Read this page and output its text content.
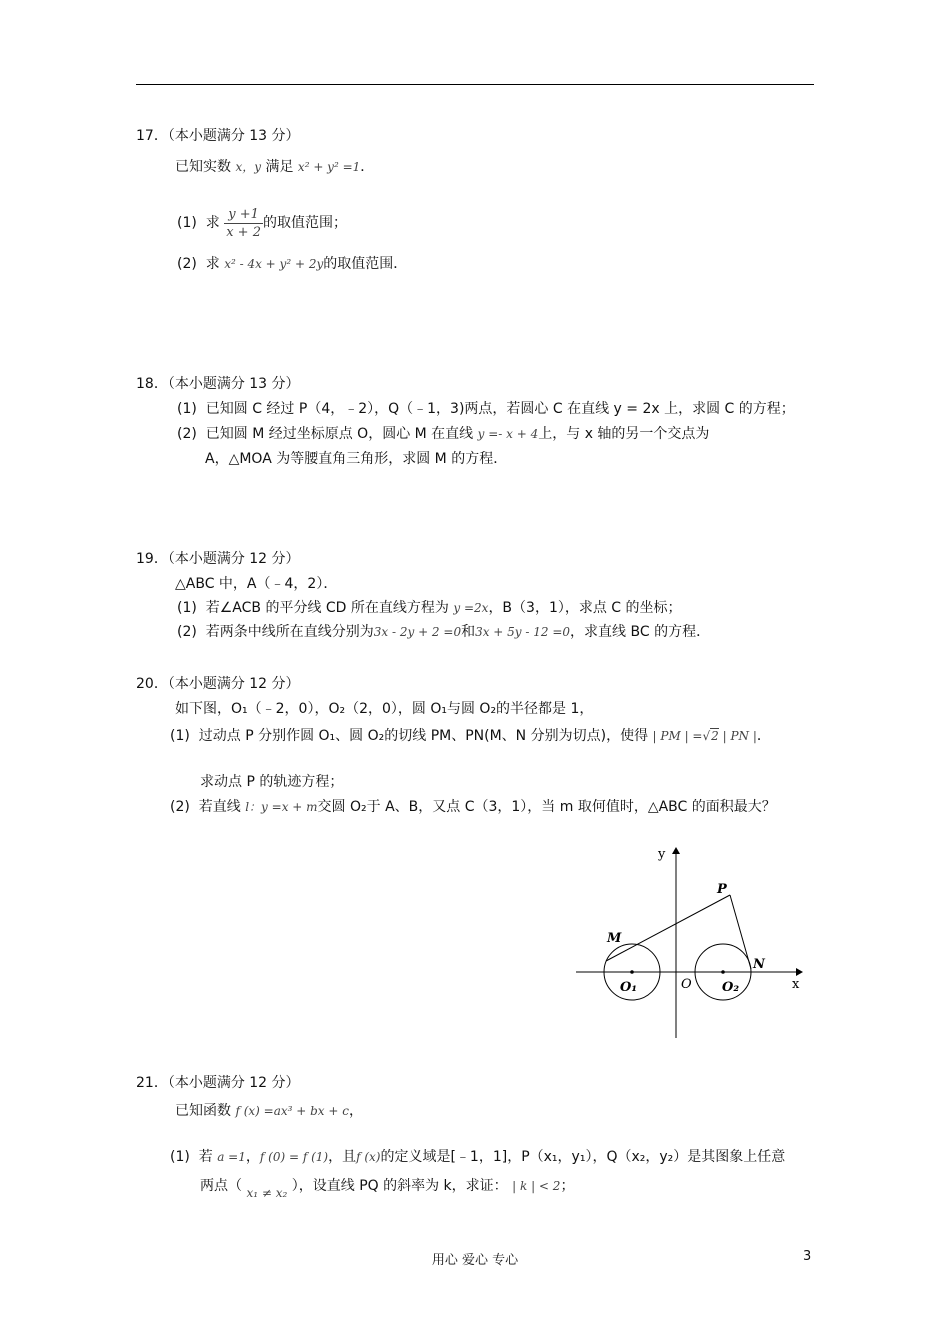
17．（本小题满分 13 分）
已知实数 x，y 满足 x² + y² =1．
(1) 求 $\frac{y +1}{x + 2}$ 的取值范围；
(2) 求 x² - 4x + y² + 2y的取值范围．
18．（本小题满分 13 分）
(1) 已知圆 C 经过 P（4，﹣2），Q（﹣1，3)两点，若圆心 C 在直线 y = 2x 上，求圆 C 的方程；
(2) 已知圆 M 经过坐标原点 O，圆心 M 在直线 y =- x + 4上，与 x 轴的另一个交点为
A，△MOA 为等腰直角三角形，求圆 M 的方程．
19．（本小题满分 12 分）
△ABC 中，A（﹣4，2）．
(1) 若∠ACB 的平分线 CD 所在直线方程为 y =2x，B（3，1），求点 C 的坐标；
(2) 若两条中线所在直线分别为3x - 2y + 2 =0和3x + 5y - 12 =0，求直线 BC 的方程．
20．（本小题满分 12 分）
如下图，O₁（﹣2，0），O₂（2，0），圆 O₁与圆 O₂的半径都是 1，
(1) 过动点 P 分别作圆 O₁、圆 O₂的切线 PM、PN(M、N 分别为切点)，使得 | PM | =√2 | PN |．
求动点 P 的轨迹方程；
(2) 若直线 l：y =x + m交圆 O₂于 A、B，又点 C（3，1），当 m 取何值时，△ABC 的面积最大？
y
x
P
M
N
O
O₁	O₂
21．（本小题满分 12 分）
已知函数 f (x) =ax³ + bx + c，
(1) 若 a =1，f (0) = f (1)，且f (x)的定义域是[﹣1，1]，P（x₁，y₁），Q（x₂，y₂）是其图象上任意
两点（ x₁ ≠ x₂ ），设直线 PQ 的斜率为 k，求证： | k | < 2；
用心 爱心 专心	3
